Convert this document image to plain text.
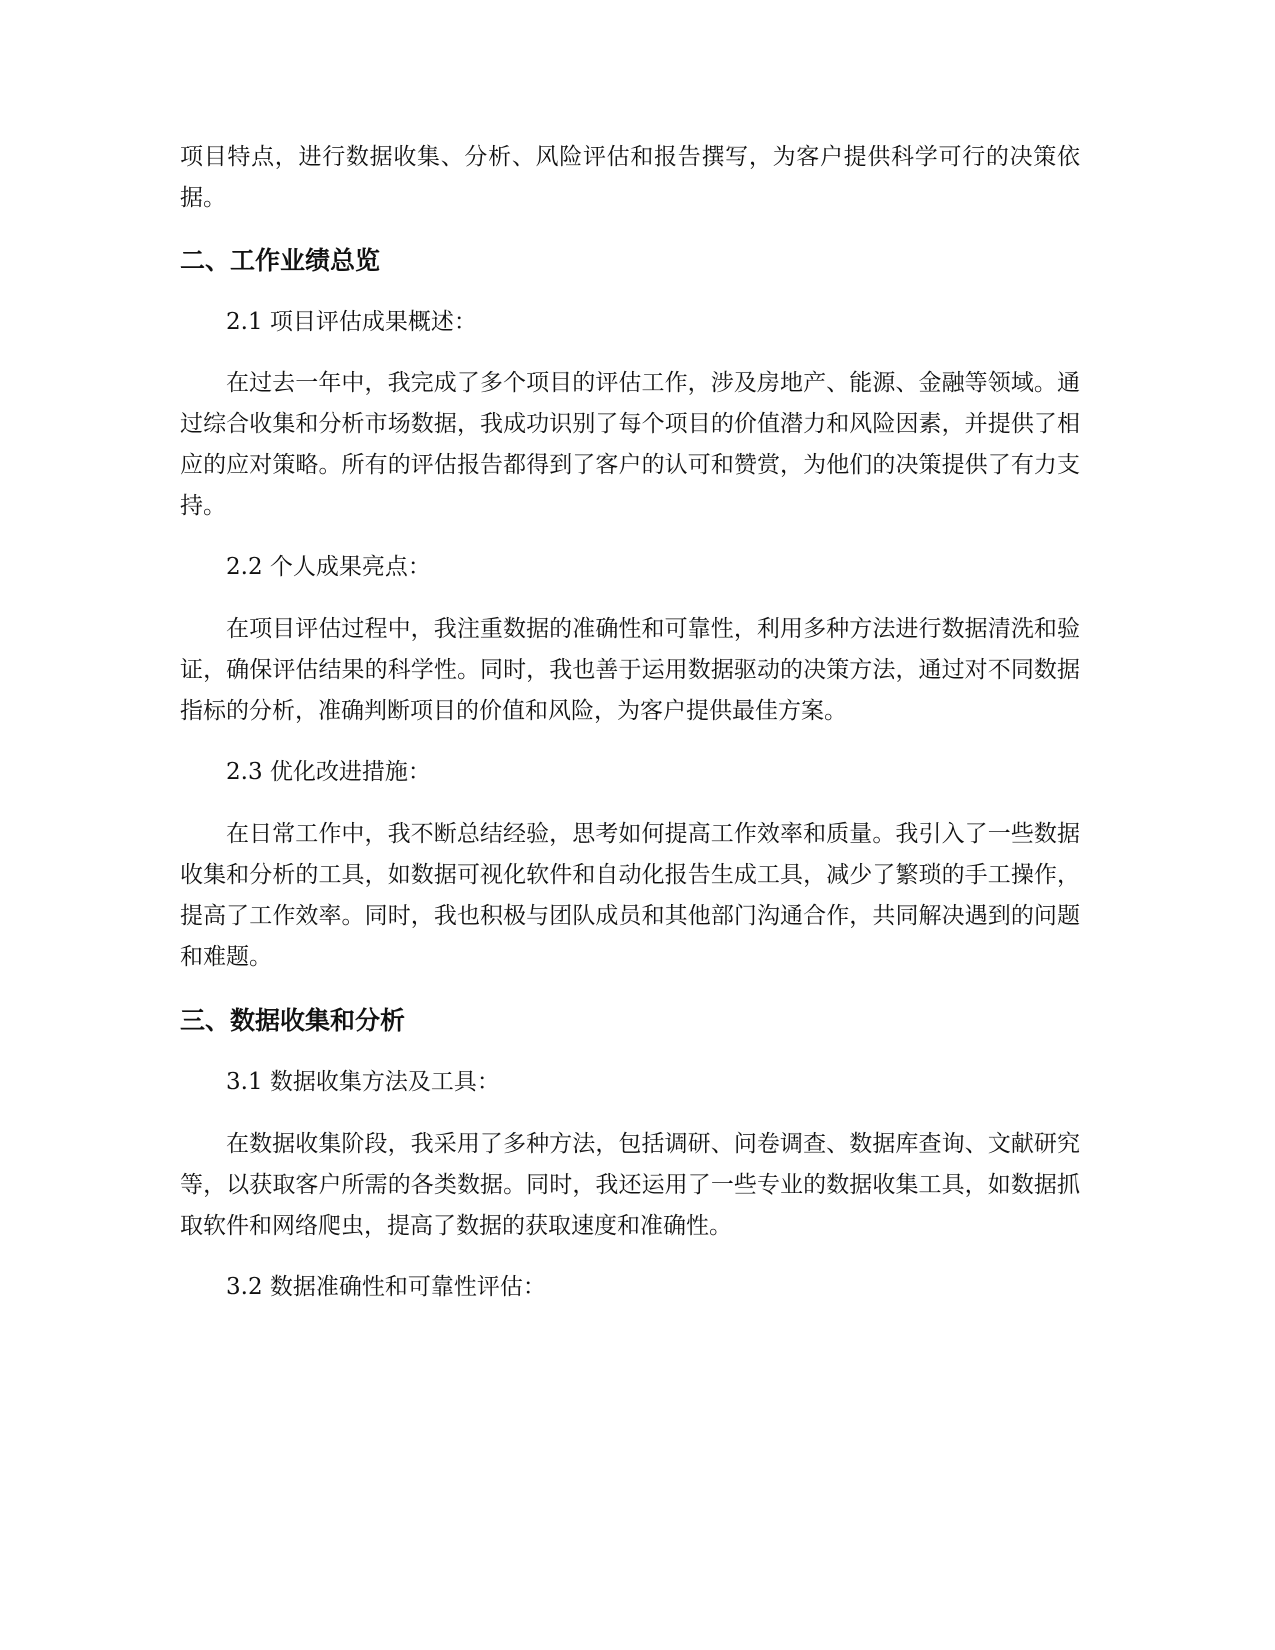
项目特点，进行数据收集、分析、风险评估和报告撰写，为客户提供科学可行的决策依据。

二、工作业绩总览

2.1 项目评估成果概述：

在过去一年中，我完成了多个项目的评估工作，涉及房地产、能源、金融等领域。通过综合收集和分析市场数据，我成功识别了每个项目的价值潜力和风险因素，并提供了相应的应对策略。所有的评估报告都得到了客户的认可和赞赏，为他们的决策提供了有力支持。

2.2 个人成果亮点：

在项目评估过程中，我注重数据的准确性和可靠性，利用多种方法进行数据清洗和验证，确保评估结果的科学性。同时，我也善于运用数据驱动的决策方法，通过对不同数据指标的分析，准确判断项目的价值和风险，为客户提供最佳方案。

2.3 优化改进措施：

在日常工作中，我不断总结经验，思考如何提高工作效率和质量。我引入了一些数据收集和分析的工具，如数据可视化软件和自动化报告生成工具，减少了繁琐的手工操作，提高了工作效率。同时，我也积极与团队成员和其他部门沟通合作，共同解决遇到的问题和难题。

三、数据收集和分析

3.1 数据收集方法及工具：

在数据收集阶段，我采用了多种方法，包括调研、问卷调查、数据库查询、文献研究等，以获取客户所需的各类数据。同时，我还运用了一些专业的数据收集工具，如数据抓取软件和网络爬虫，提高了数据的获取速度和准确性。

3.2 数据准确性和可靠性评估：
